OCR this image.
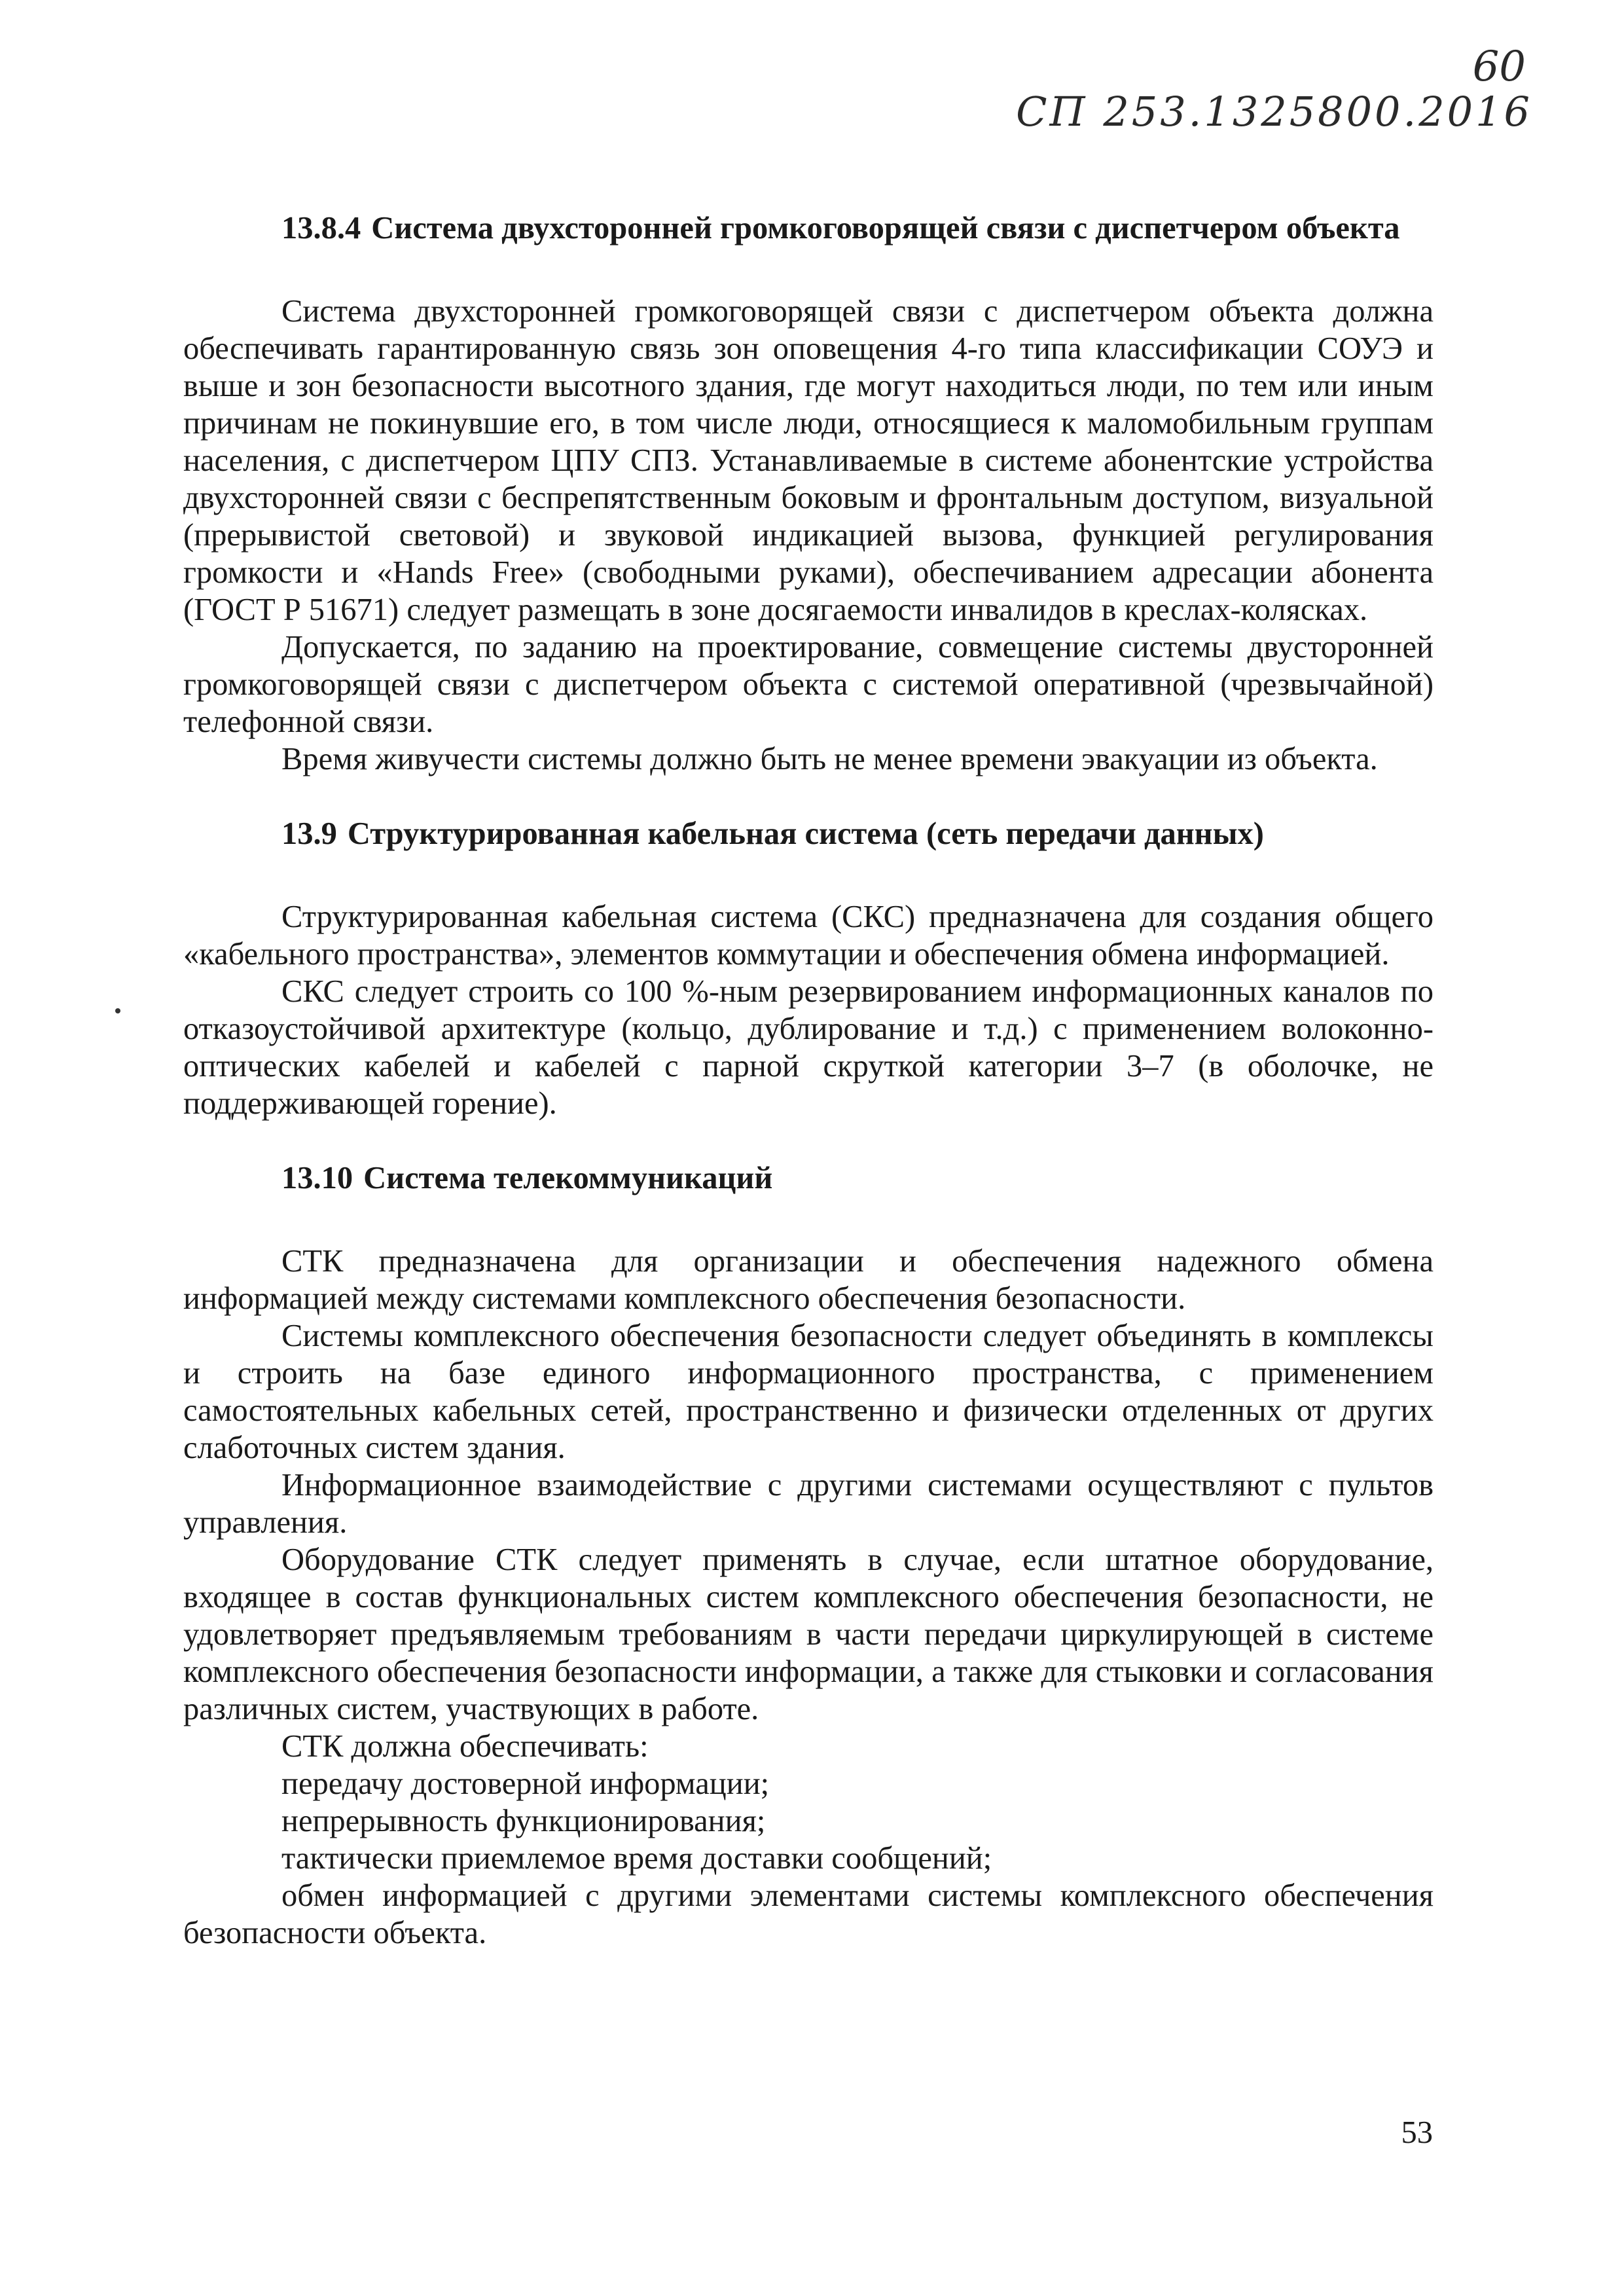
60
СП 253.1325800.2016
13.8.4 Система двухсторонней громкоговорящей связи с диспетчером объекта

Система двухсторонней громкоговорящей связи с диспетчером объекта должна обеспечивать гарантированную связь зон оповещения 4-го типа классификации СОУЭ и выше и зон безопасности высотного здания, где могут находиться люди, по тем или иным причинам не покинувшие его, в том числе люди, относящиеся к маломобильным группам населения, с диспетчером ЦПУ СПЗ. Устанавливаемые в системе абонентские устройства двухсторонней связи с беспрепятственным боковым и фронтальным доступом, визуальной (прерывистой световой) и звуковой индикацией вызова, функцией регулирования громкости и «Hands Free» (свободными руками), обеспечиванием адресации абонента (ГОСТ Р 51671) следует размещать в зоне досягаемости инвалидов в креслах-колясках.

Допускается, по заданию на проектирование, совмещение системы двусторонней громкоговорящей связи с диспетчером объекта с системой оперативной (чрезвычайной) телефонной связи.

Время живучести системы должно быть не менее времени эвакуации из объекта.

13.9 Структурированная кабельная система (сеть передачи данных)

Структурированная кабельная система (СКС) предназначена для создания общего «кабельного пространства», элементов коммутации и обеспечения обмена информацией.

СКС следует строить со 100 %-ным резервированием информационных каналов по отказоустойчивой архитектуре (кольцо, дублирование и т.д.) с применением волоконно-оптических кабелей и кабелей с парной скруткой категории 3–7 (в оболочке, не поддерживающей горение).

13.10 Система телекоммуникаций

СТК предназначена для организации и обеспечения надежного обмена информацией между системами комплексного обеспечения безопасности.

Системы комплексного обеспечения безопасности следует объединять в комплексы и строить на базе единого информационного пространства, с применением самостоятельных кабельных сетей, пространственно и физически отделенных от других слаботочных систем здания.

Информационное взаимодействие с другими системами осуществляют с пультов управления.

Оборудование СТК следует применять в случае, если штатное оборудование, входящее в состав функциональных систем комплексного обеспечения безопасности, не удовлетворяет предъявляемым требованиям в части передачи циркулирующей в системе комплексного обеспечения безопасности информации, а также для стыковки и согласования различных систем, участвующих в работе.

СТК должна обеспечивать:

передачу достоверной информации;

непрерывность функционирования;

тактически приемлемое время доставки сообщений;

обмен информацией с другими элементами системы комплексного обеспечения безопасности объекта.

53
